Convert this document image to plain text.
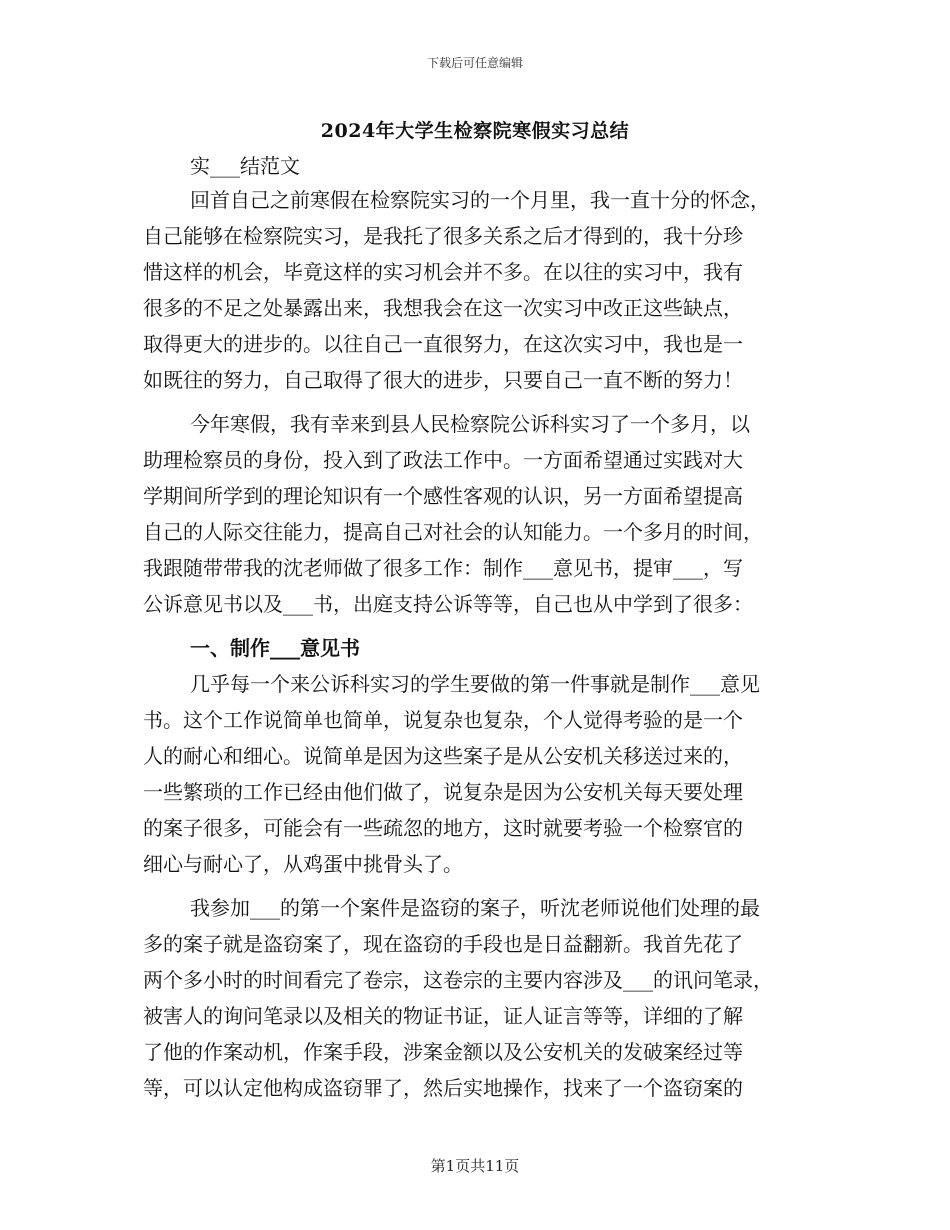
下载后可任意编辑
2024年大学生检察院寒假实习总结
实___结范文
回首自己之前寒假在检察院实习的一个月里，我一直十分的怀念，
自己能够在检察院实习，是我托了很多关系之后才得到的，我十分珍
惜这样的机会，毕竟这样的实习机会并不多。在以往的实习中，我有
很多的不足之处暴露出来，我想我会在这一次实习中改正这些缺点，
取得更大的进步的。以往自己一直很努力，在这次实习中，我也是一
如既往的努力，自己取得了很大的进步，只要自己一直不断的努力！
今年寒假，我有幸来到县人民检察院公诉科实习了一个多月，以
助理检察员的身份，投入到了政法工作中。一方面希望通过实践对大
学期间所学到的理论知识有一个感性客观的认识，另一方面希望提高
自己的人际交往能力，提高自己对社会的认知能力。一个多月的时间，
我跟随带带我的沈老师做了很多工作：制作___意见书，提审___，写
公诉意见书以及___书，出庭支持公诉等等，自己也从中学到了很多：
一、制作___意见书
几乎每一个来公诉科实习的学生要做的第一件事就是制作___意见
书。这个工作说简单也简单，说复杂也复杂，个人觉得考验的是一个
人的耐心和细心。说简单是因为这些案子是从公安机关移送过来的，
一些繁琐的工作已经由他们做了，说复杂是因为公安机关每天要处理
的案子很多，可能会有一些疏忽的地方，这时就要考验一个检察官的
细心与耐心了，从鸡蛋中挑骨头了。
我参加___的第一个案件是盗窃的案子，听沈老师说他们处理的最
多的案子就是盗窃案了，现在盗窃的手段也是日益翻新。我首先花了
两个多小时的时间看完了卷宗，这卷宗的主要内容涉及___的讯问笔录，
被害人的询问笔录以及相关的物证书证，证人证言等等，详细的了解
了他的作案动机，作案手段，涉案金额以及公安机关的发破案经过等
等，可以认定他构成盗窃罪了，然后实地操作，找来了一个盗窃案的
第1页共11页
